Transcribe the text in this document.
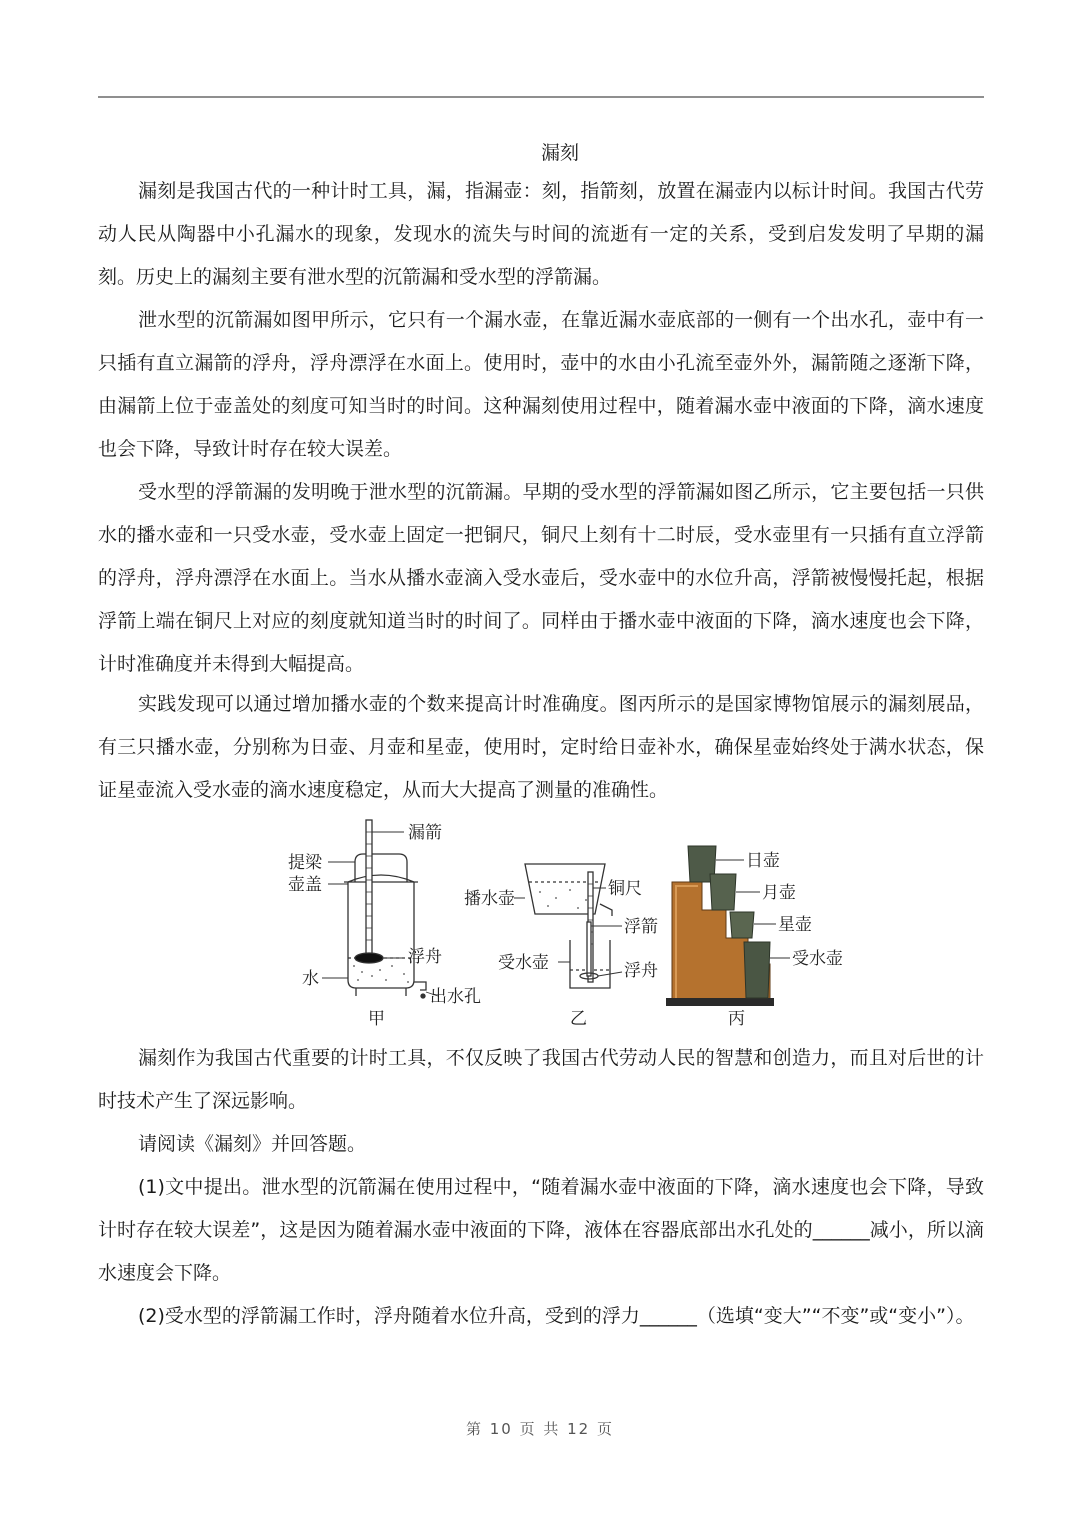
漏刻

漏刻是我国古代的一种计时工具，漏，指漏壶：刻，指箭刻，放置在漏壶内以标计时间。我国古代劳动人民从陶器中小孔漏水的现象，发现水的流失与时间的流逝有一定的关系，受到启发发明了早期的漏刻。历史上的漏刻主要有泄水型的沉箭漏和受水型的浮箭漏。

泄水型的沉箭漏如图甲所示，它只有一个漏水壶，在靠近漏水壶底部的一侧有一个出水孔，壶中有一只插有直立漏箭的浮舟，浮舟漂浮在水面上。使用时，壶中的水由小孔流至壶外外，漏箭随之逐渐下降，由漏箭上位于壶盖处的刻度可知当时的时间。这种漏刻使用过程中，随着漏水壶中液面的下降，滴水速度也会下降，导致计时存在较大误差。

受水型的浮箭漏的发明晚于泄水型的沉箭漏。早期的受水型的浮箭漏如图乙所示，它主要包括一只供水的播水壶和一只受水壶，受水壶上固定一把铜尺，铜尺上刻有十二时辰，受水壶里有一只插有直立浮箭的浮舟，浮舟漂浮在水面上。当水从播水壶滴入受水壶后，受水壶中的水位升高，浮箭被慢慢托起，根据浮箭上端在铜尺上对应的刻度就知道当时的时间了。同样由于播水壶中液面的下降，滴水速度也会下降，计时准确度并未得到大幅提高。

实践发现可以通过增加播水壶的个数来提高计时准确度。图丙所示的是国家博物馆展示的漏刻展品，有三只播水壶，分别称为日壶、月壶和星壶，使用时，定时给日壶补水，确保星壶始终处于满水状态，保证星壶流入受水壶的滴水速度稳定，从而大大提高了测量的准确性。

漏箭
提梁
壶盖
浮舟
水
出水孔
甲
播水壶	铜尺
浮箭
受水壶	浮舟
乙
日壶
月壶
星壶
受水壶
丙

漏刻作为我国古代重要的计时工具，不仅反映了我国古代劳动人民的智慧和创造力，而且对后世的计时技术产生了深远影响。

请阅读《漏刻》并回答题。

(1)文中提出。泄水型的沉箭漏在使用过程中，“随着漏水壶中液面的下降，滴水速度也会下降，导致计时存在较大误差”，这是因为随着漏水壶中液面的下降，液体在容器底部出水孔处的______减小，所以滴水速度会下降。

(2)受水型的浮箭漏工作时，浮舟随着水位升高，受到的浮力______（选填“变大”“不变”或“变小”）。

第 10 页 共 12 页
